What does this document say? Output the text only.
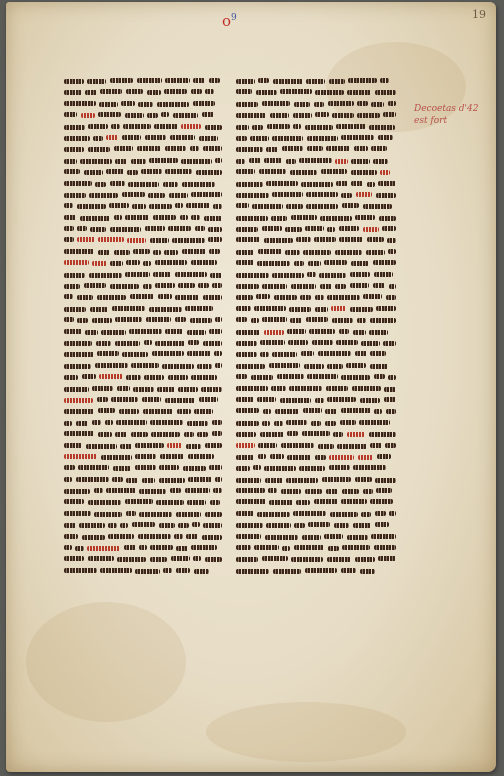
$o^9$	19
Decoetas d'42
est fort
